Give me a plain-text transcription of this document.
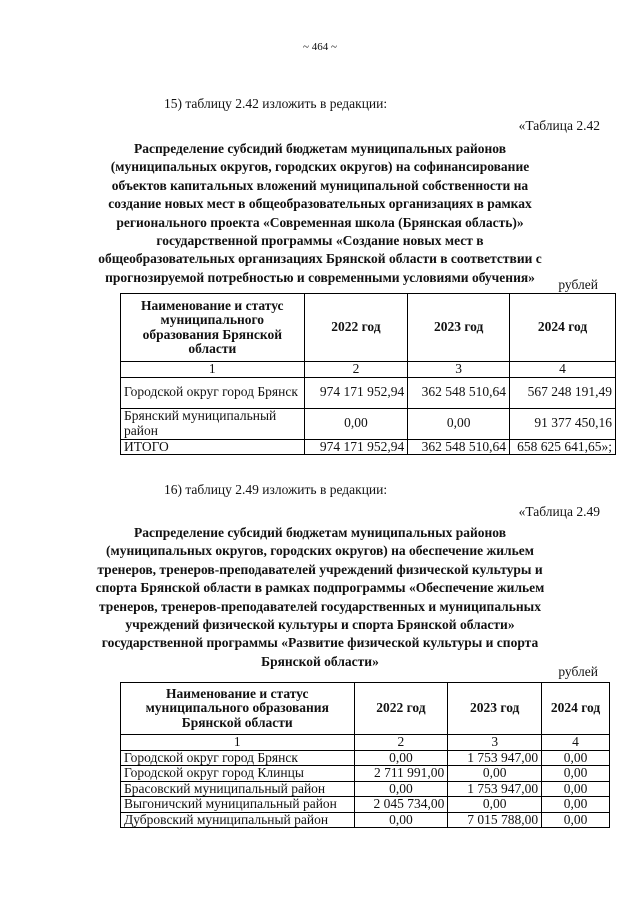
~ 464 ~
15) таблицу 2.42 изложить в редакции:
«Таблица 2.42
Распределение субсидий бюджетам муниципальных районов
(муниципальных округов, городских округов) на софинансирование
объектов капитальных вложений муниципальной собственности на
создание новых мест в общеобразовательных организациях в рамках
регионального проекта «Современная школа (Брянская область)»
государственной программы «Создание новых мест в
общеобразовательных организациях Брянской области в соответствии с
прогнозируемой потребностью и современными условиями обучения»	рублей
Наименование и статус муниципального образования Брянской области	2022 год	2023 год	2024 год
1	2	3	4
Городской округ город Брянск	974 171 952,94	362 548 510,64	567 248 191,49
Брянский муниципальный район	0,00	0,00	91 377 450,16
ИТОГО	974 171 952,94	362 548 510,64	658 625 641,65»;
16) таблицу 2.49 изложить в редакции:
«Таблица 2.49
Распределение субсидий бюджетам муниципальных районов
(муниципальных округов, городских округов) на обеспечение жильем
тренеров, тренеров-преподавателей учреждений физической культуры и
спорта Брянской области в рамках подпрограммы «Обеспечение жильем
тренеров, тренеров-преподавателей государственных и муниципальных
учреждений физической культуры и спорта Брянской области»
государственной программы «Развитие физической культуры и спорта
Брянской области»
рублей
Наименование и статус муниципального образования Брянской области	2022 год	2023 год	2024 год
1	2	3	4
Городской округ город Брянск	0,00	1 753 947,00	0,00
Городской округ город Клинцы	2 711 991,00	0,00	0,00
Брасовский муниципальный район	0,00	1 753 947,00	0,00
Выгоничский муниципальный район	2 045 734,00	0,00	0,00
Дубровский муниципальный район	0,00	7 015 788,00	0,00
